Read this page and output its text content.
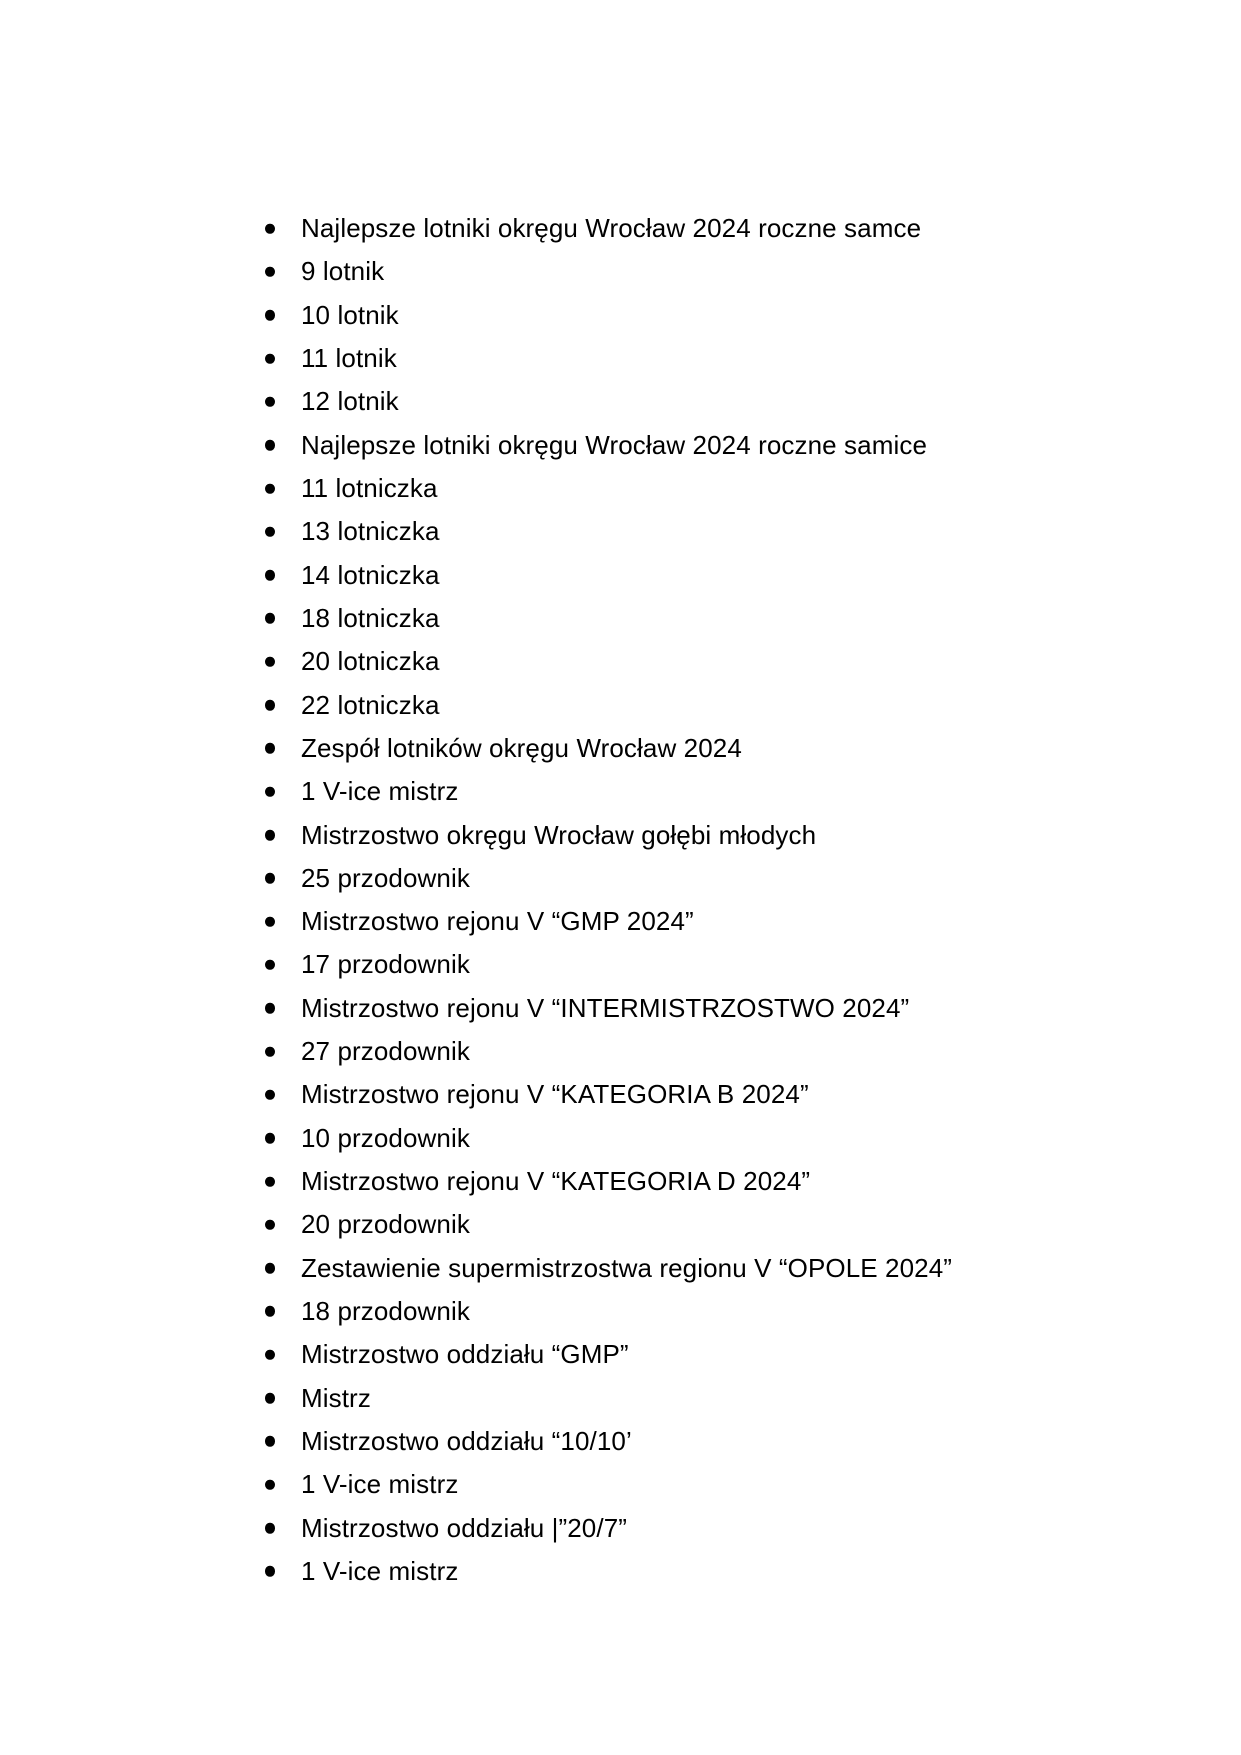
Najlepsze lotniki okręgu Wrocław 2024 roczne samce
9 lotnik
10 lotnik
11 lotnik
12 lotnik
Najlepsze lotniki okręgu Wrocław 2024 roczne samice
11 lotniczka
13 lotniczka
14 lotniczka
18 lotniczka
20 lotniczka
22 lotniczka
Zespół lotników okręgu Wrocław 2024
1 V-ice mistrz
Mistrzostwo okręgu Wrocław gołębi młodych
25 przodownik
Mistrzostwo rejonu V “GMP 2024”
17 przodownik
Mistrzostwo rejonu V “INTERMISTRZOSTWO 2024”
27 przodownik
Mistrzostwo rejonu V “KATEGORIA B 2024”
10 przodownik
Mistrzostwo rejonu V “KATEGORIA D 2024”
20 przodownik
Zestawienie supermistrzostwa regionu V “OPOLE 2024”
18 przodownik
Mistrzostwo oddziału “GMP”
Mistrz
Mistrzostwo oddziału “10/10’
1 V-ice mistrz
Mistrzostwo oddziału |”20/7”
1 V-ice mistrz
